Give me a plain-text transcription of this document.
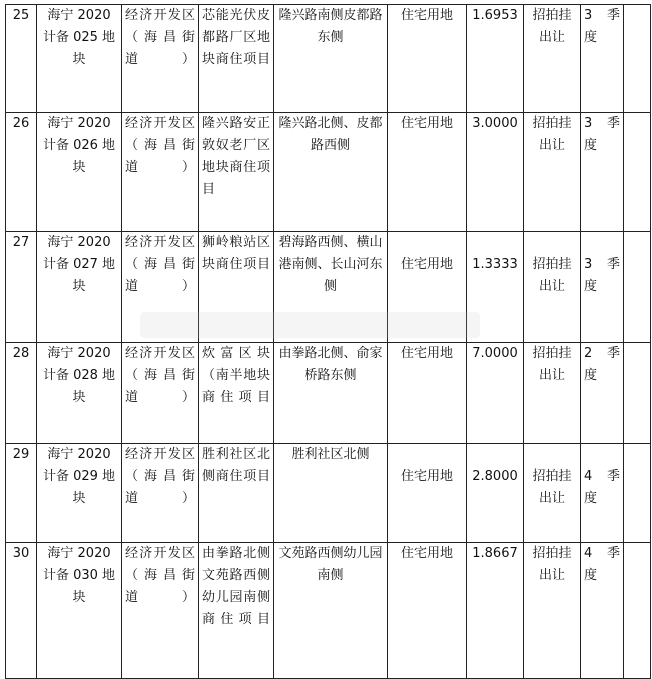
25	海宁 2020 计备 025 地块	经济开发区（海昌街道）	芯能光伏皮都路厂区地块商住项目	隆兴路南侧皮都路东侧	住宅用地	1.6953	招拍挂出让	3 季度	
26	海宁 2020 计备 026 地块	经济开发区（海昌街道）	隆兴路安正敦奴老厂区地块商住项目	隆兴路北侧、皮都路西侧	住宅用地	3.0000	招拍挂出让	3 季度	
27	海宁 2020 计备 027 地块	经济开发区（海昌街道）	狮岭粮站区块商住项目	碧海路西侧、横山港南侧、长山河东侧	住宅用地	1.3333	招拍挂出让	3 季度	
28	海宁 2020 计备 028 地块	经济开发区（海昌街道）	炊富区块（南半地块商住项目	由拳路北侧、俞家桥路东侧	住宅用地	7.0000	招拍挂出让	2 季度	
29	海宁 2020 计备 029 地块	经济开发区（海昌街道）	胜利社区北侧商住项目	胜利社区北侧	住宅用地	2.8000	招拍挂出让	4 季度	
30	海宁 2020 计备 030 地块	经济开发区（海昌街道）	由拳路北侧文苑路西侧幼儿园南侧商住项目	文苑路西侧幼儿园南侧	住宅用地	1.8667	招拍挂出让	4 季度	
